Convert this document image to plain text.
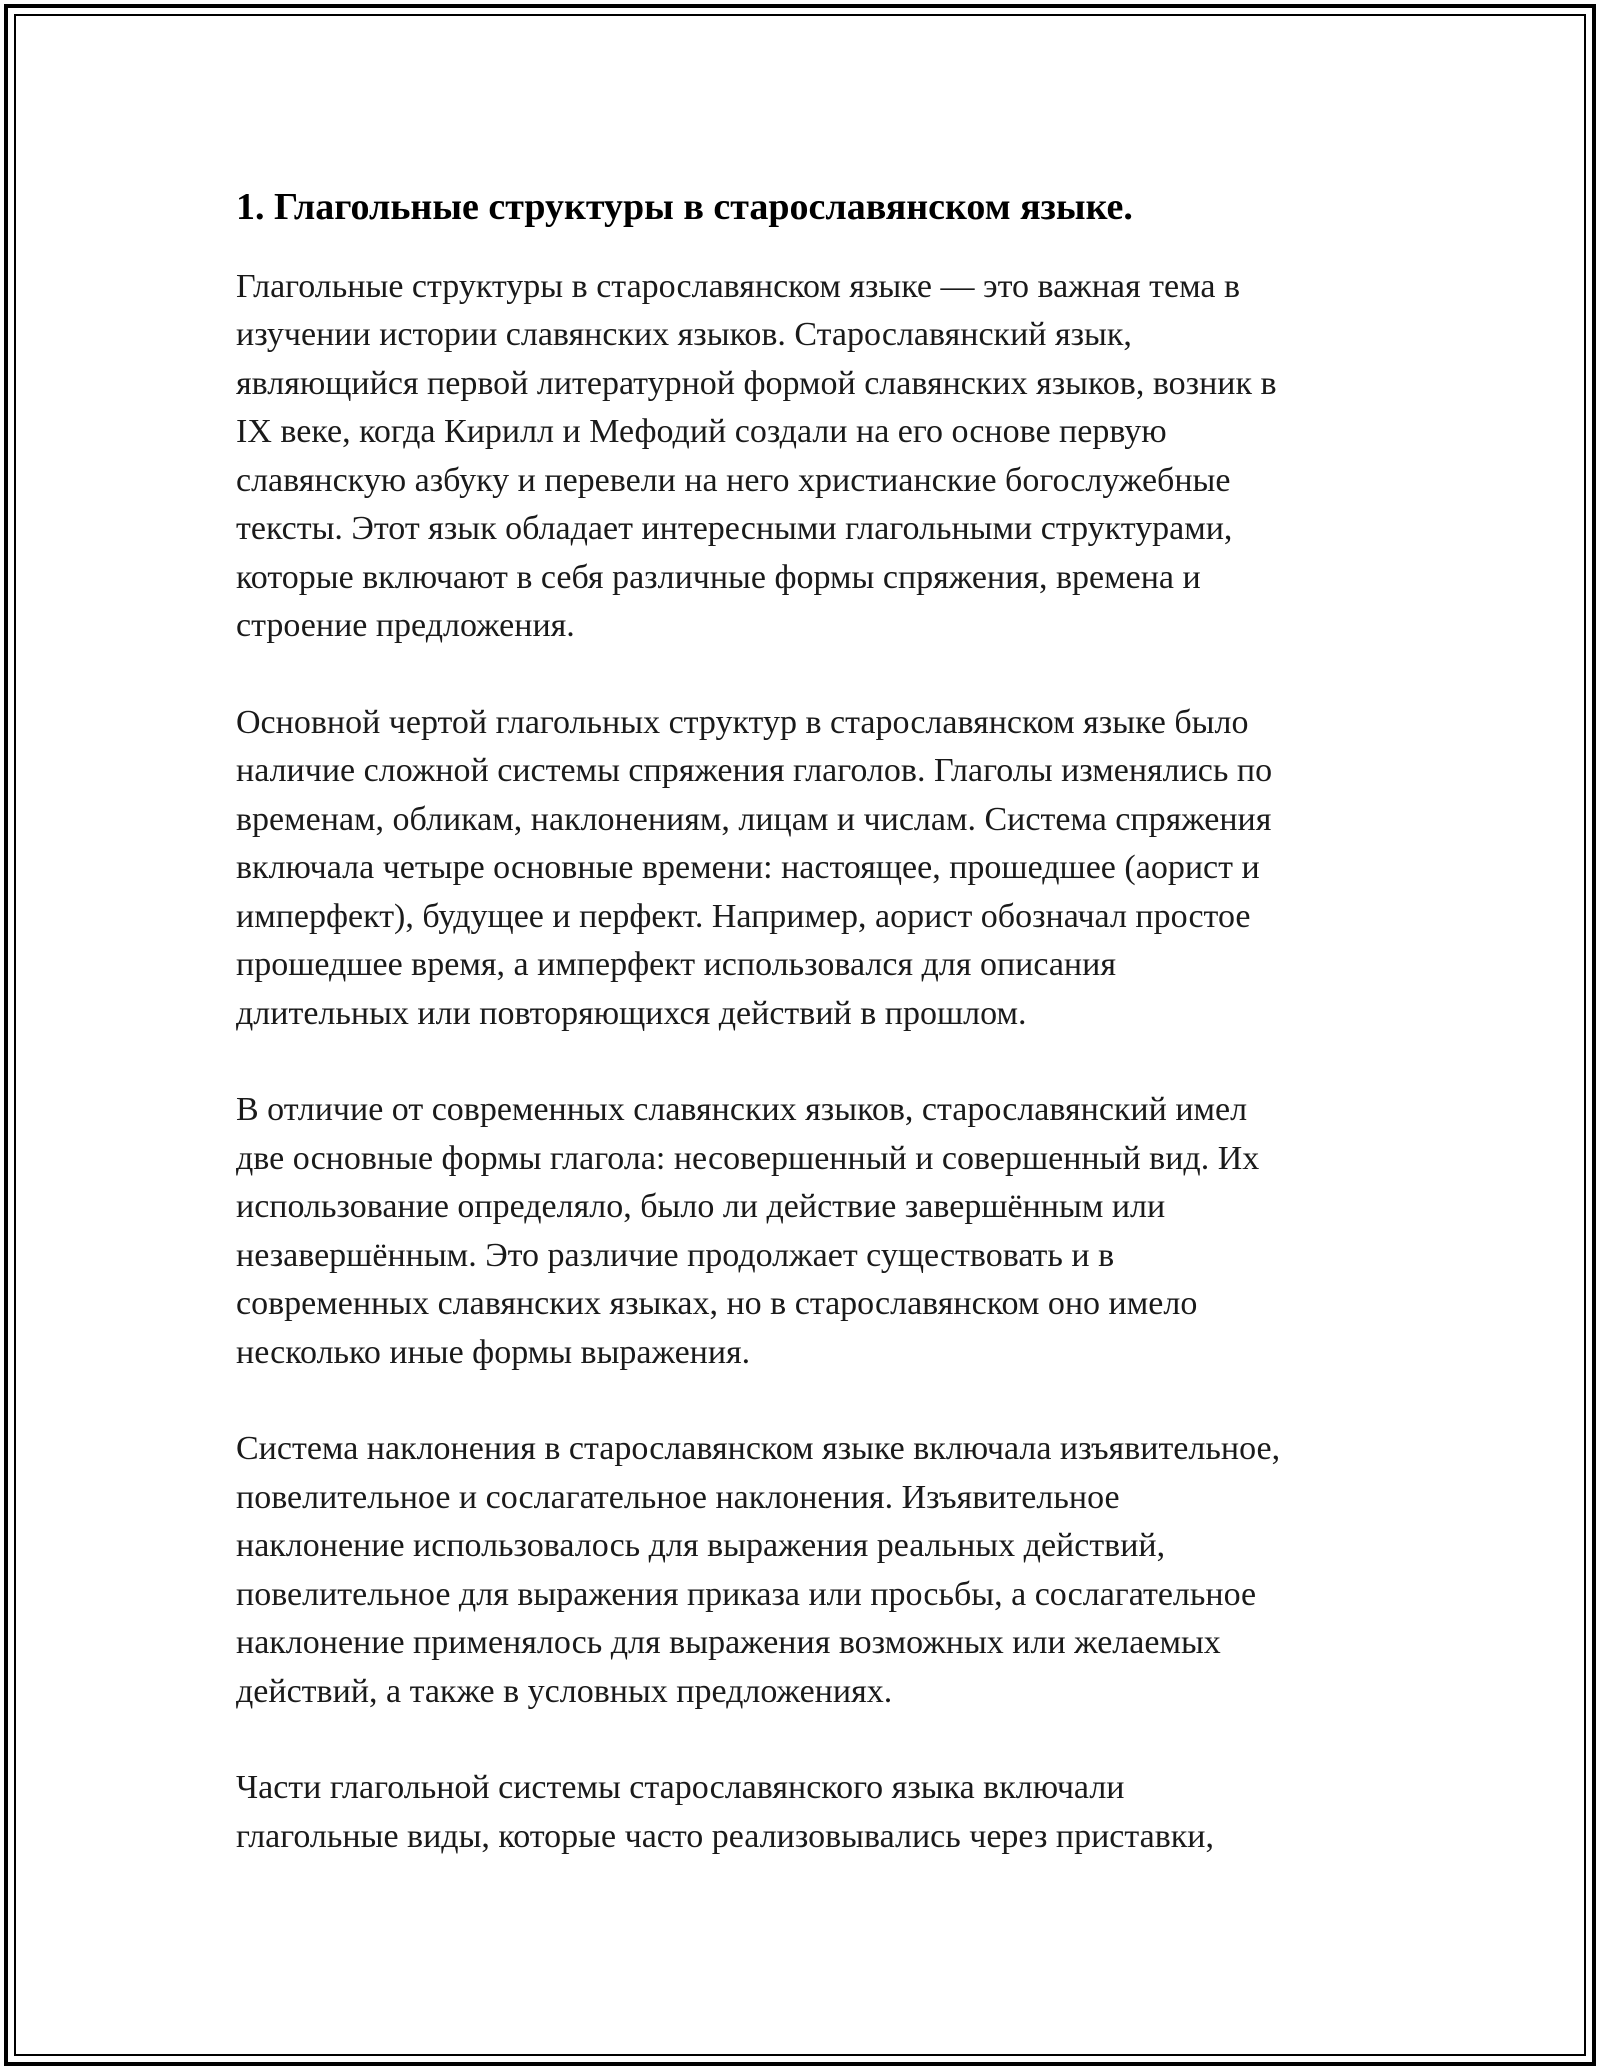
1. Глагольные структуры в старославянском языке.

Глагольные структуры в старославянском языке — это важная тема в
изучении истории славянских языков. Старославянский язык,
являющийся первой литературной формой славянских языков, возник в
IX веке, когда Кирилл и Мефодий создали на его основе первую
славянскую азбуку и перевели на него христианские богослужебные
тексты. Этот язык обладает интересными глагольными структурами,
которые включают в себя различные формы спряжения, времена и
строение предложения.

Основной чертой глагольных структур в старославянском языке было
наличие сложной системы спряжения глаголов. Глаголы изменялись по
временам, обликам, наклонениям, лицам и числам. Система спряжения
включала четыре основные времени: настоящее, прошедшее (аорист и
имперфект), будущее и перфект. Например, аорист обозначал простое
прошедшее время, а имперфект использовался для описания
длительных или повторяющихся действий в прошлом.

В отличие от современных славянских языков, старославянский имел
две основные формы глагола: несовершенный и совершенный вид. Их
использование определяло, было ли действие завершённым или
незавершённым. Это различие продолжает существовать и в
современных славянских языках, но в старославянском оно имело
несколько иные формы выражения.

Система наклонения в старославянском языке включала изъявительное,
повелительное и сослагательное наклонения. Изъявительное
наклонение использовалось для выражения реальных действий,
повелительное для выражения приказа или просьбы, а сослагательное
наклонение применялось для выражения возможных или желаемых
действий, а также в условных предложениях.

Части глагольной системы старославянского языка включали
глагольные виды, которые часто реализовывались через приставки,
